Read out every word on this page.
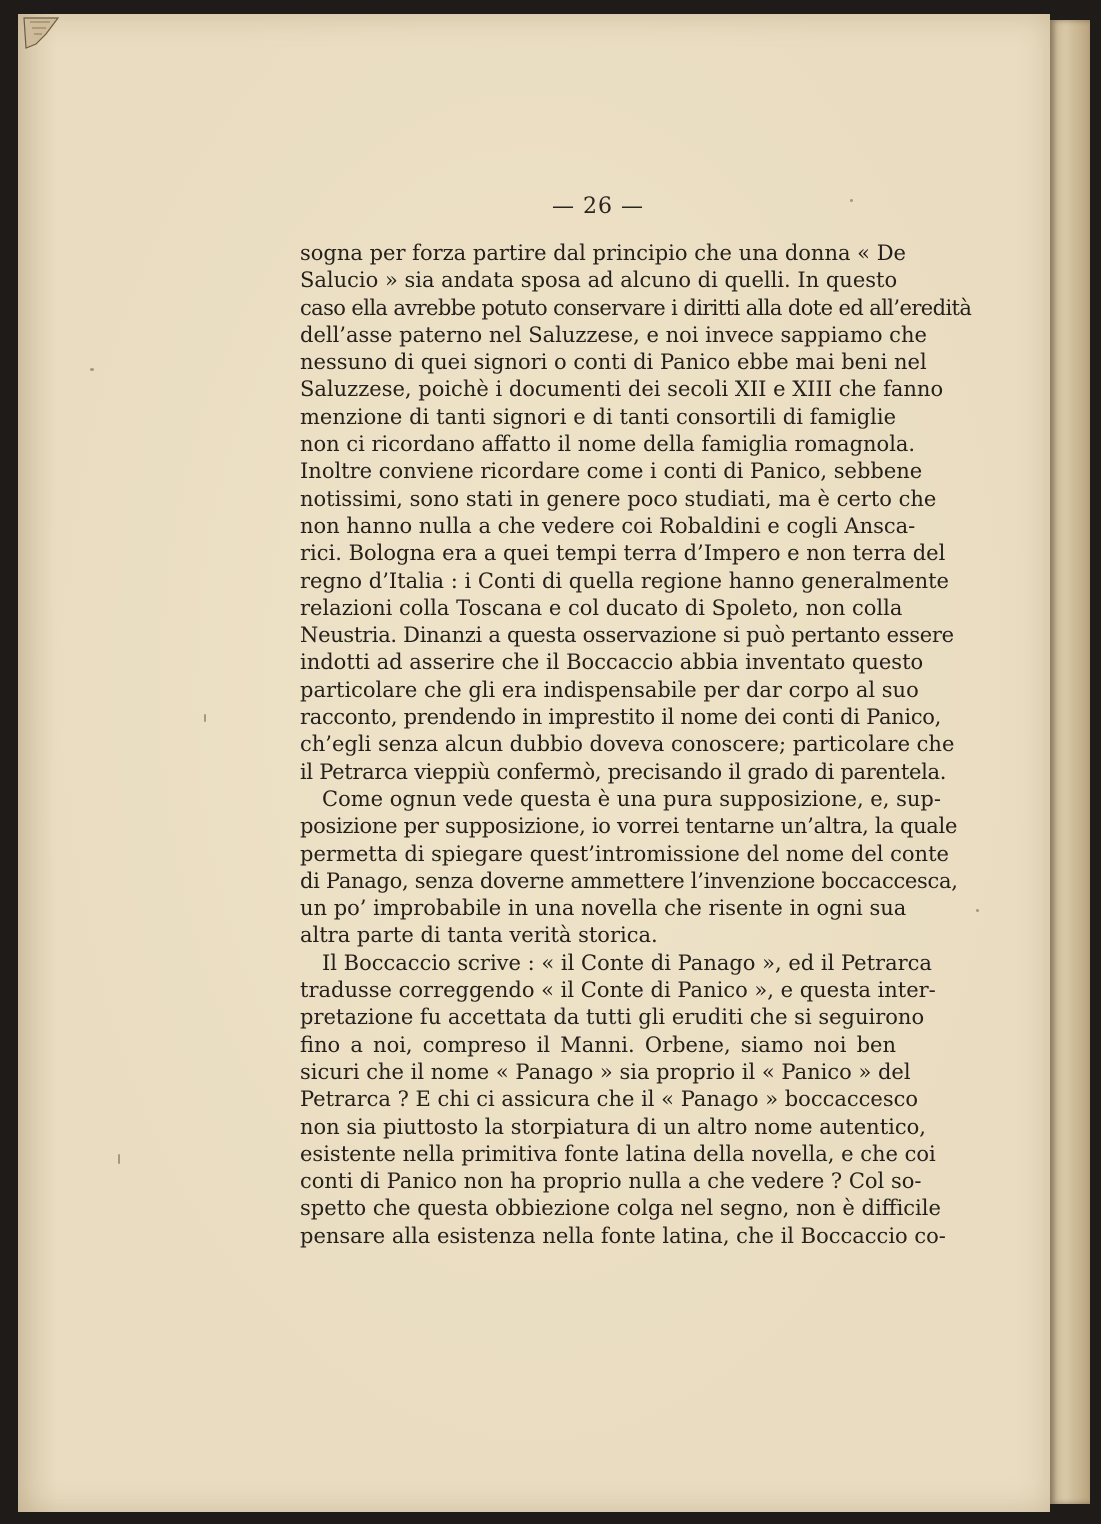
— 26 —
sogna per forza partire dal principio che una donna « De
Salucio » sia andata sposa ad alcuno di quelli. In questo
caso ella avrebbe potuto conservare i diritti alla dote ed all’eredità
dell’asse paterno nel Saluzzese, e noi invece sappiamo che
nessuno di quei signori o conti di Panico ebbe mai beni nel
Saluzzese, poichè i documenti dei secoli XII e XIII che fanno
menzione di tanti signori e di tanti consortili di famiglie
non ci ricordano affatto il nome della famiglia romagnola.
Inoltre conviene ricordare come i conti di Panico, sebbene
notissimi, sono stati in genere poco studiati, ma è certo che
non hanno nulla a che vedere coi Robaldini e cogli Ansca-
rici. Bologna era a quei tempi terra d’Impero e non terra del
regno d’Italia : i Conti di quella regione hanno generalmente
relazioni colla Toscana e col ducato di Spoleto, non colla
Neustria. Dinanzi a questa osservazione si può pertanto essere
indotti ad asserire che il Boccaccio abbia inventato questo
particolare che gli era indispensabile per dar corpo al suo
racconto, prendendo in imprestito il nome dei conti di Panico,
ch’egli senza alcun dubbio doveva conoscere; particolare che
il Petrarca vieppiù confermò, precisando il grado di parentela.
Come ognun vede questa è una pura supposizione, e, sup-
posizione per supposizione, io vorrei tentarne un’altra, la quale
permetta di spiegare quest’intromissione del nome del conte
di Panago, senza doverne ammettere l’invenzione boccaccesca,
un po’ improbabile in una novella che risente in ogni sua
altra parte di tanta verità storica.
Il Boccaccio scrive : « il Conte di Panago », ed il Petrarca
tradusse correggendo « il Conte di Panico », e questa inter-
pretazione fu accettata da tutti gli eruditi che si seguirono
fino a noi, compreso il Manni. Orbene, siamo noi ben
sicuri che il nome « Panago » sia proprio il « Panico » del
Petrarca ? E chi ci assicura che il « Panago » boccaccesco
non sia piuttosto la storpiatura di un altro nome autentico,
esistente nella primitiva fonte latina della novella, e che coi
conti di Panico non ha proprio nulla a che vedere ? Col so-
spetto che questa obbiezione colga nel segno, non è difficile
pensare alla esistenza nella fonte latina, che il Boccaccio co-
